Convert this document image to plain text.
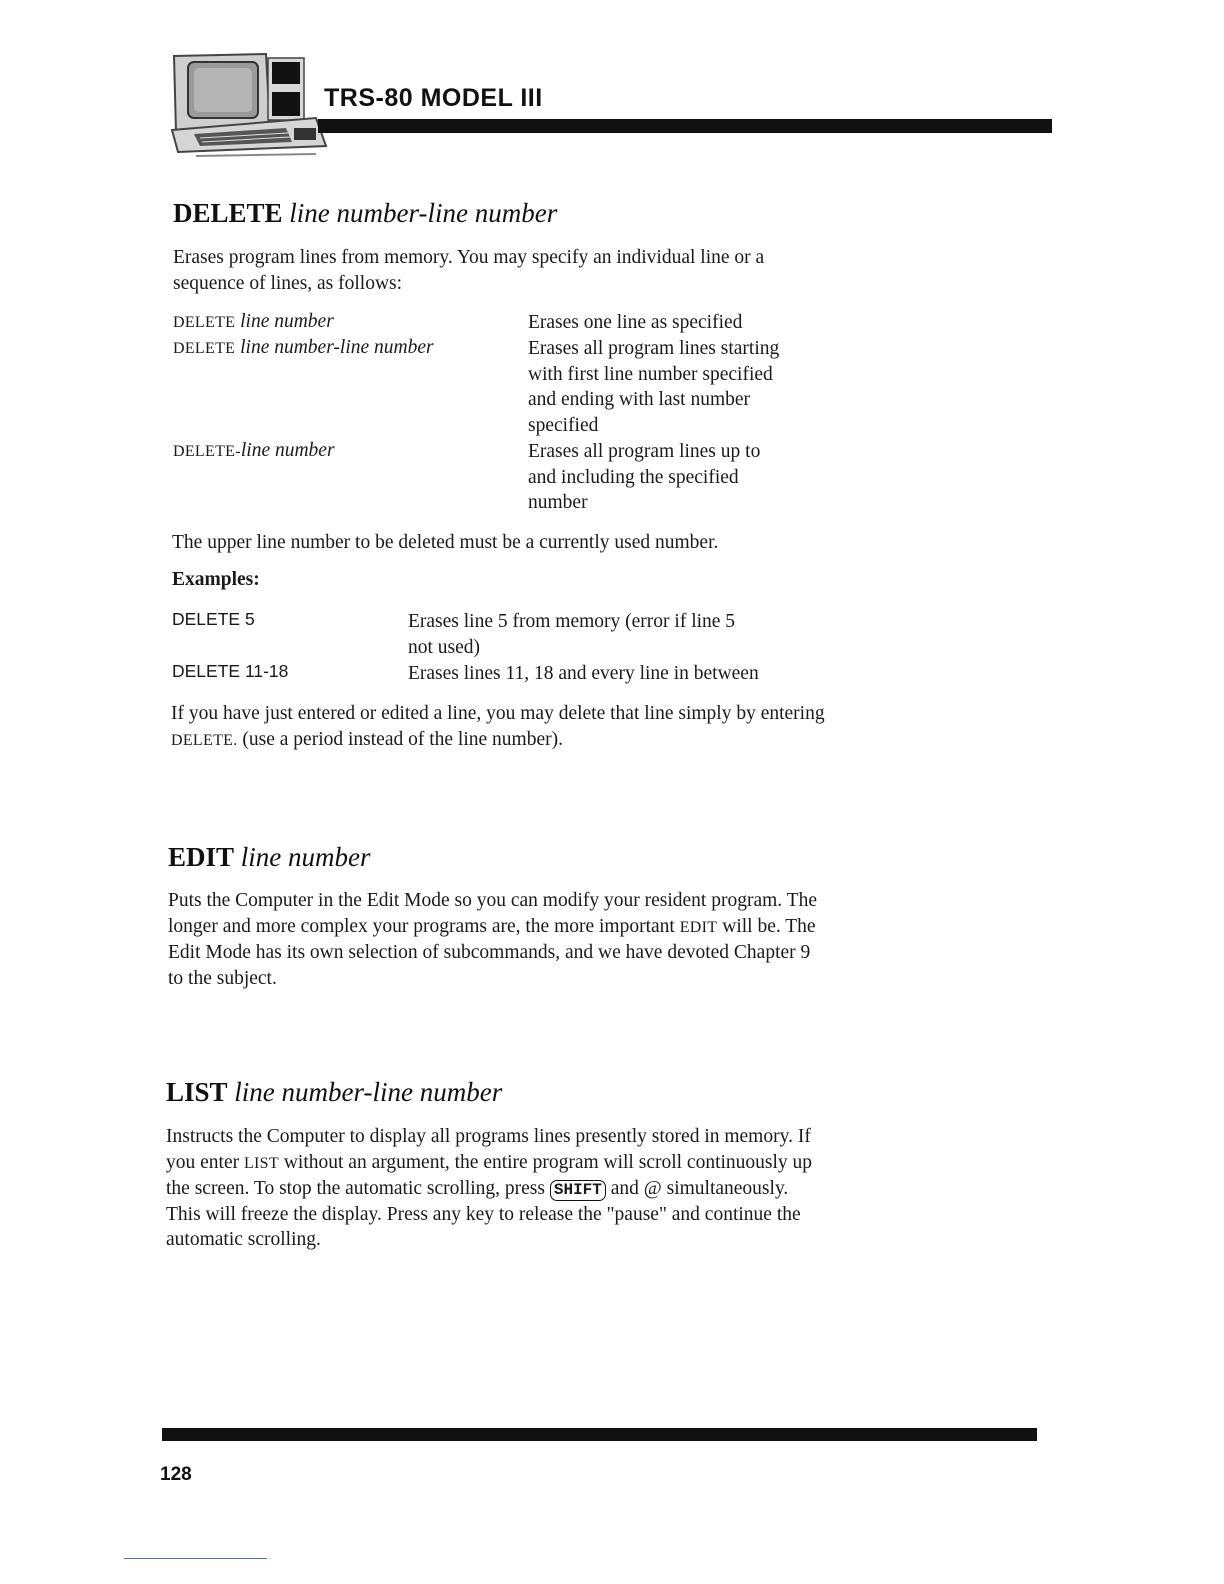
TRS-80 MODEL III
DELETE line number-line number
Erases program lines from memory. You may specify an individual line or a
sequence of lines, as follows:
DELETE line number	Erases one line as specified
DELETE line number-line number	Erases all program lines starting
with first line number specified
and ending with last number
specified
DELETE-line number	Erases all program lines up to
and including the specified
number
The upper line number to be deleted must be a currently used number.
Examples:
DELETE 5	Erases line 5 from memory (error if line 5
not used)
DELETE 11-18	Erases lines 11, 18 and every line in between
If you have just entered or edited a line, you may delete that line simply by entering
DELETE. (use a period instead of the line number).
EDIT line number
Puts the Computer in the Edit Mode so you can modify your resident program. The
longer and more complex your programs are, the more important EDIT will be. The
Edit Mode has its own selection of subcommands, and we have devoted Chapter 9
to the subject.
LIST line number-line number
Instructs the Computer to display all programs lines presently stored in memory. If
you enter LIST without an argument, the entire program will scroll continuously up
the screen. To stop the automatic scrolling, press SHIFT and @ simultaneously.
This will freeze the display. Press any key to release the "pause" and continue the
automatic scrolling.
128
